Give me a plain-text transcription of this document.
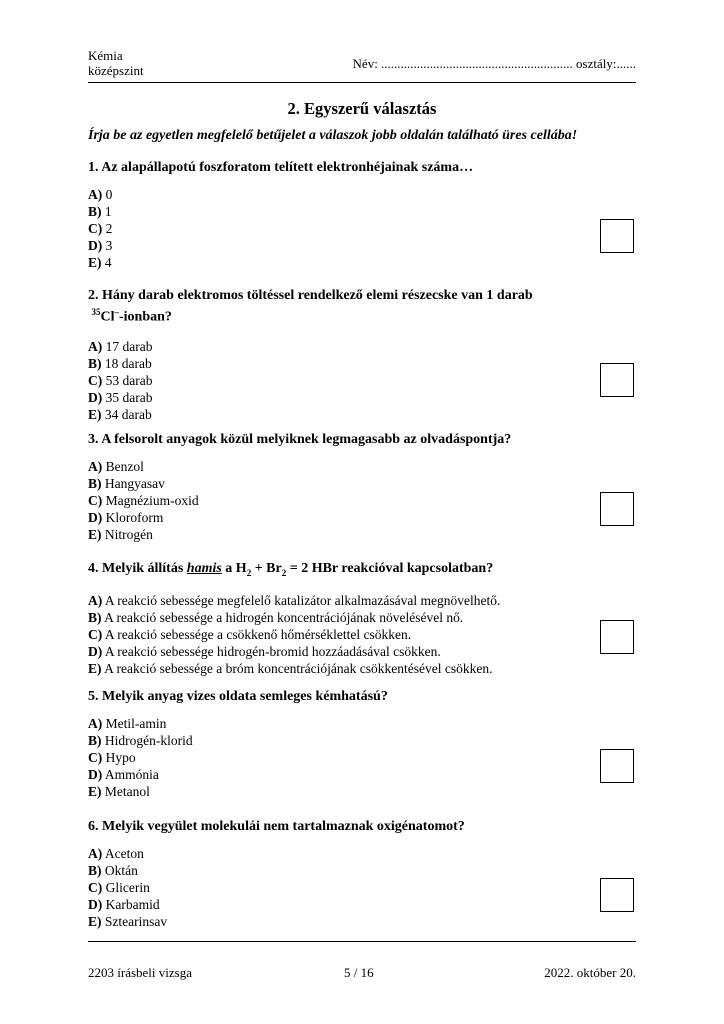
Kémia
középszint	Név: ........................................................... osztály:......
2. Egyszerű választás
Írja be az egyetlen megfelelő betűjelet a válaszok jobb oldalán található üres cellába!
1. Az alapállapotú foszforatom telített elektronhéjainak száma…
A) 0
B) 1
C) 2
D) 3
E) 4
2. Hány darab elektromos töltéssel rendelkező elemi részecske van 1 darab
$^{35}$Cl–-ionban?
A) 17 darab
B) 18 darab
C) 53 darab
D) 35 darab
E) 34 darab
3. A felsorolt anyagok közül melyiknek legmagasabb az olvadáspontja?
A) Benzol
B) Hangyasav
C) Magnézium-oxid
D) Kloroform
E) Nitrogén
4. Melyik állítás hamis a $H_2 + Br_2 = 2$ HBr reakcióval kapcsolatban?
A) A reakció sebessége megfelelő katalizátor alkalmazásával megnövelhető.
B) A reakció sebessége a hidrogén koncentrációjának növelésével nő.
C) A reakció sebessége a csökkenő hőmérséklettel csökken.
D) A reakció sebessége hidrogén-bromid hozzáadásával csökken.
E) A reakció sebessége a bróm koncentrációjának csökkentésével csökken.
5. Melyik anyag vizes oldata semleges kémhatású?
A) Metil-amin
B) Hidrogén-klorid
C) Hypo
D) Ammónia
E) Metanol
6. Melyik vegyület molekulái nem tartalmaznak oxigénatomot?
A) Aceton
B) Oktán
C) Glicerin
D) Karbamid
E) Sztearinsav
2203 írásbeli vizsga	5 / 16	2022. október 20.
